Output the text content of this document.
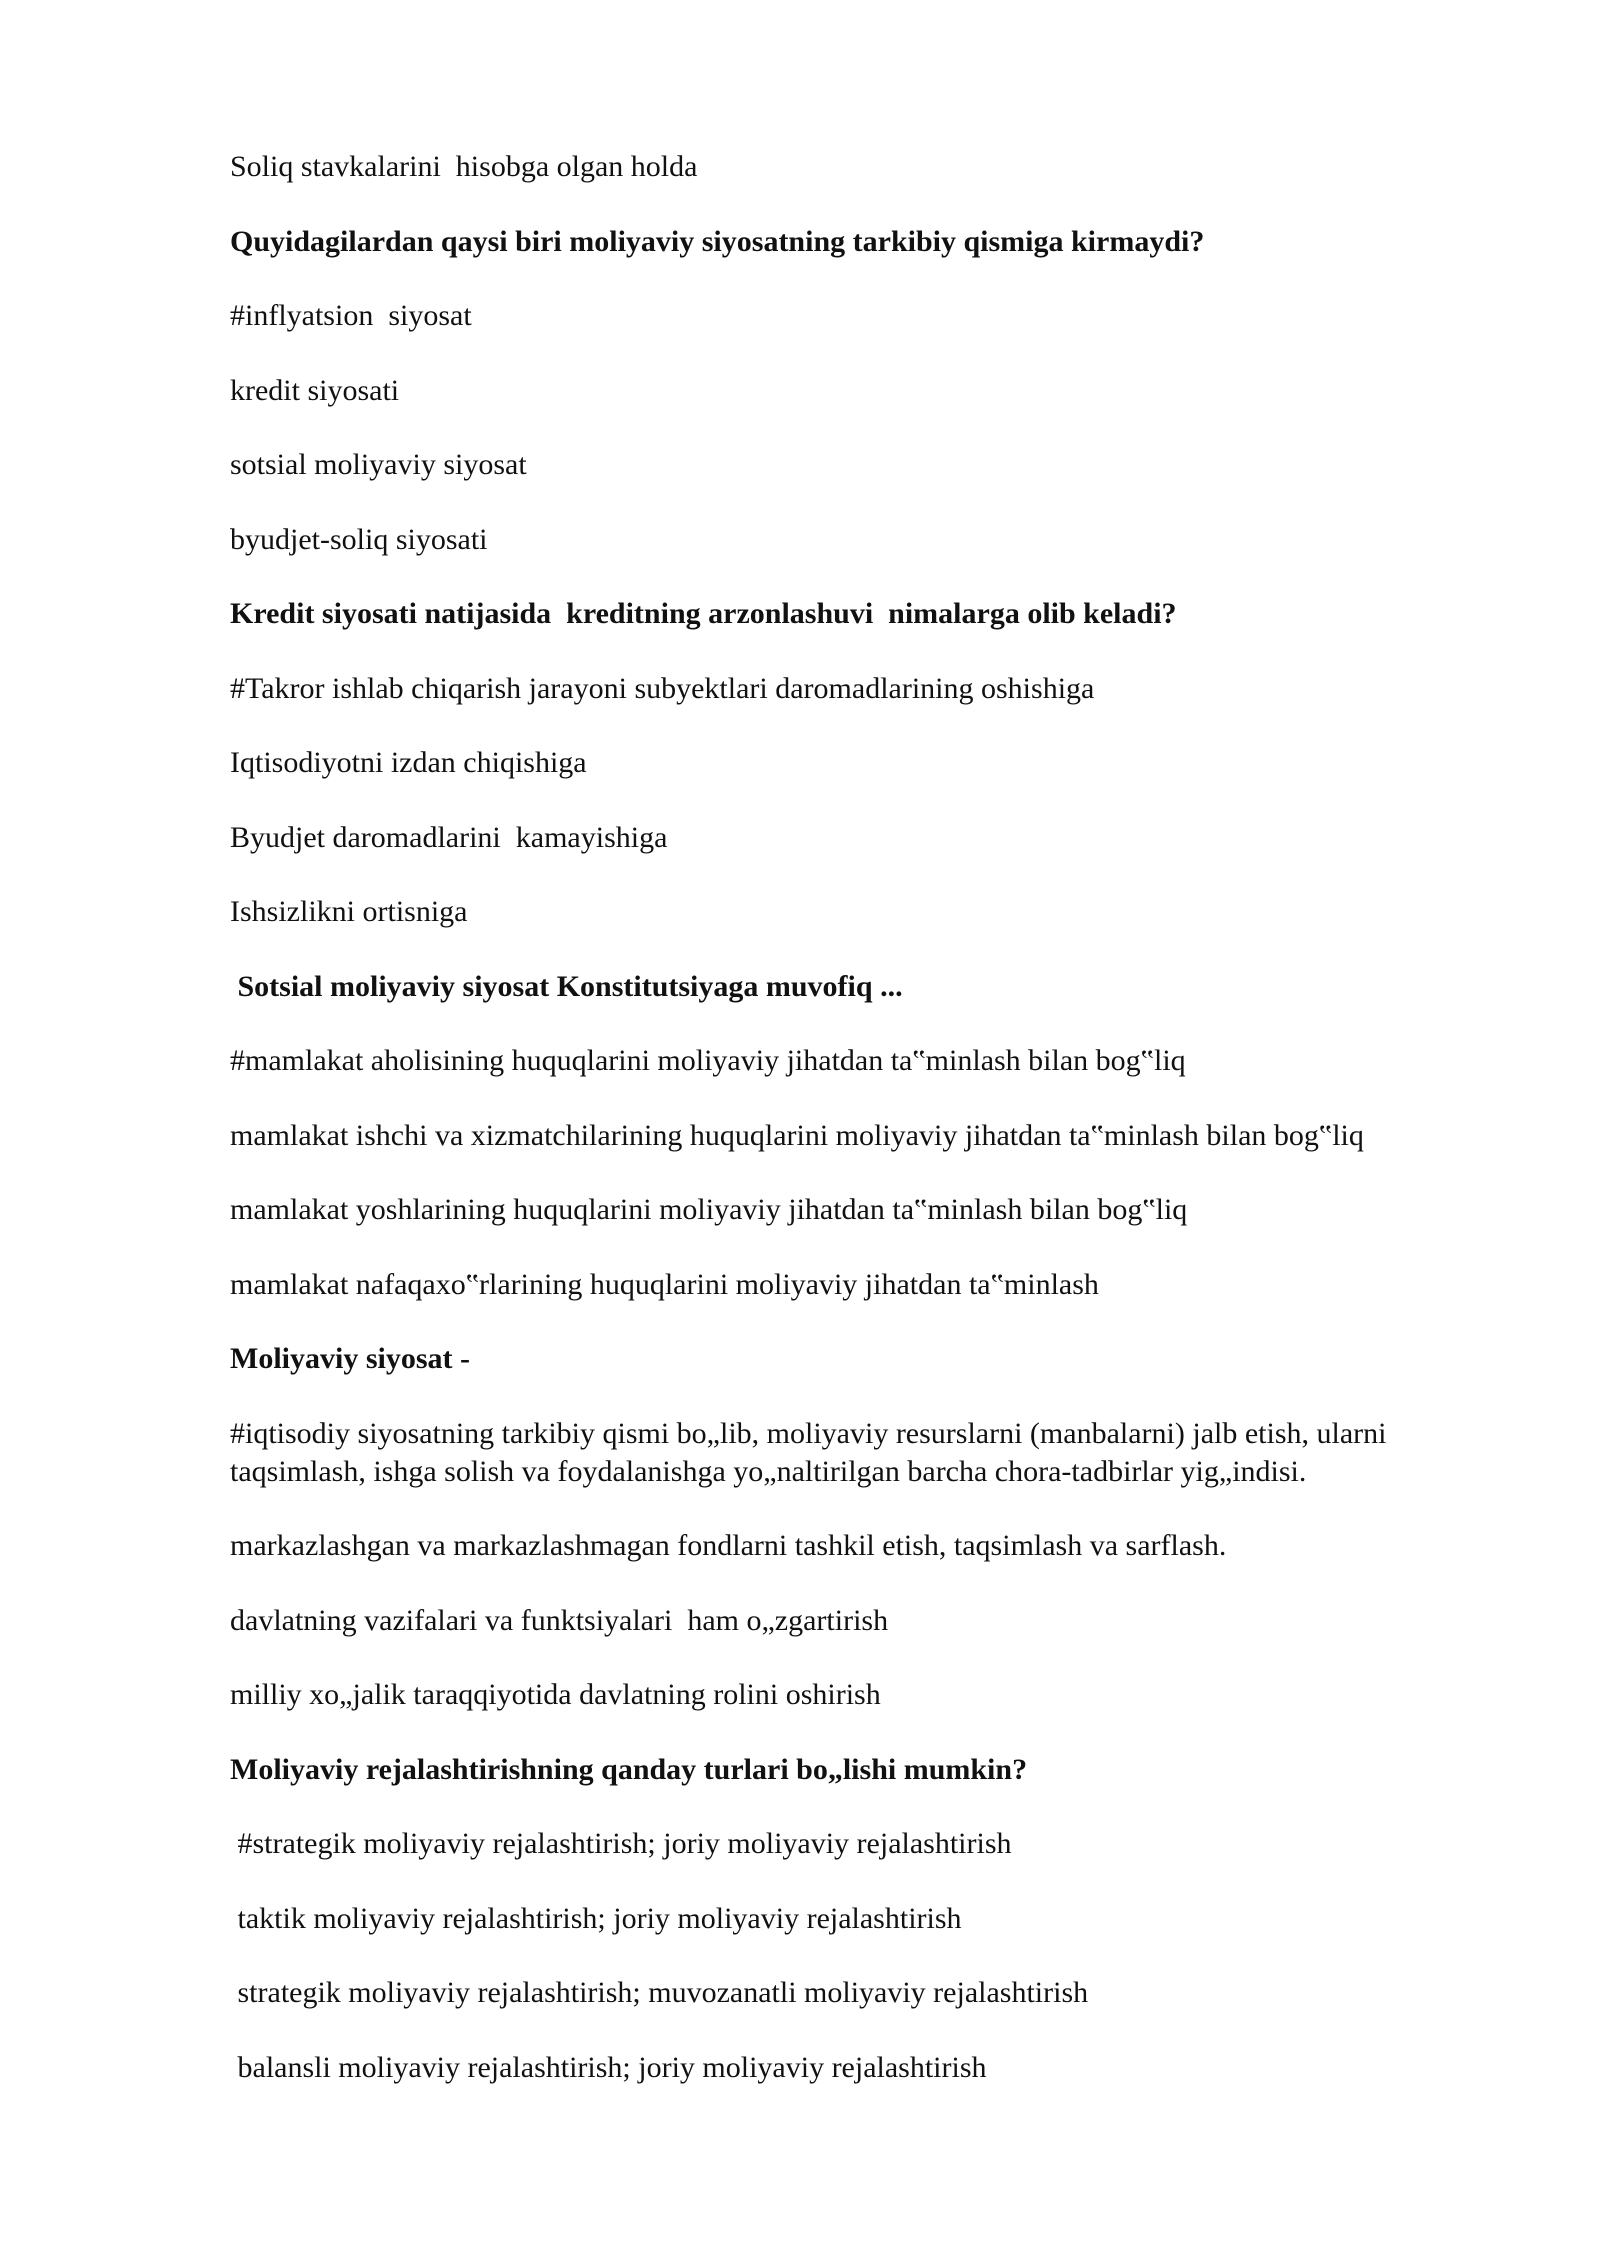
Soliq stavkalarini  hisobga olgan holda

Quyidagilardan qaysi biri moliyaviy siyosatning tarkibiy qismiga kirmaydi?

#inflyatsion  siyosat

kredit siyosati

sotsial moliyaviy siyosat

byudjet-soliq siyosati

Kredit siyosati natijasida  kreditning arzonlashuvi  nimalarga olib keladi?

#Takror ishlab chiqarish jarayoni subyektlari daromadlarining oshishiga

Iqtisodiyotni izdan chiqishiga

Byudjet daromadlarini  kamayishiga

Ishsizlikni ortisniga

Sotsial moliyaviy siyosat Konstitutsiyaga muvofiq ...

#mamlakat aholisining huquqlarini moliyaviy jihatdan ta‟minlash bilan bog‟liq

mamlakat ishchi va xizmatchilarining huquqlarini moliyaviy jihatdan ta‟minlash bilan bog‟liq

mamlakat yoshlarining huquqlarini moliyaviy jihatdan ta‟minlash bilan bog‟liq

mamlakat nafaqaxo‟rlarining huquqlarini moliyaviy jihatdan ta‟minlash

Moliyaviy siyosat -

#iqtisodiy siyosatning tarkibiy qismi bo„lib, moliyaviy resurslarni (manbalarni) jalb etish, ularni taqsimlash, ishga solish va foydalanishga yo„naltirilgan barcha chora-tadbirlar yig„indisi.

markazlashgan va markazlashmagan fondlarni tashkil etish, taqsimlash va sarflash.

davlatning vazifalari va funktsiyalari  ham o„zgartirish

milliy xo„jalik taraqqiyotida davlatning rolini oshirish

Moliyaviy rejalashtirishning qanday turlari bo„lishi mumkin?

#strategik moliyaviy rejalashtirish; joriy moliyaviy rejalashtirish

taktik moliyaviy rejalashtirish; joriy moliyaviy rejalashtirish

strategik moliyaviy rejalashtirish; muvozanatli moliyaviy rejalashtirish

balansli moliyaviy rejalashtirish; joriy moliyaviy rejalashtirish
